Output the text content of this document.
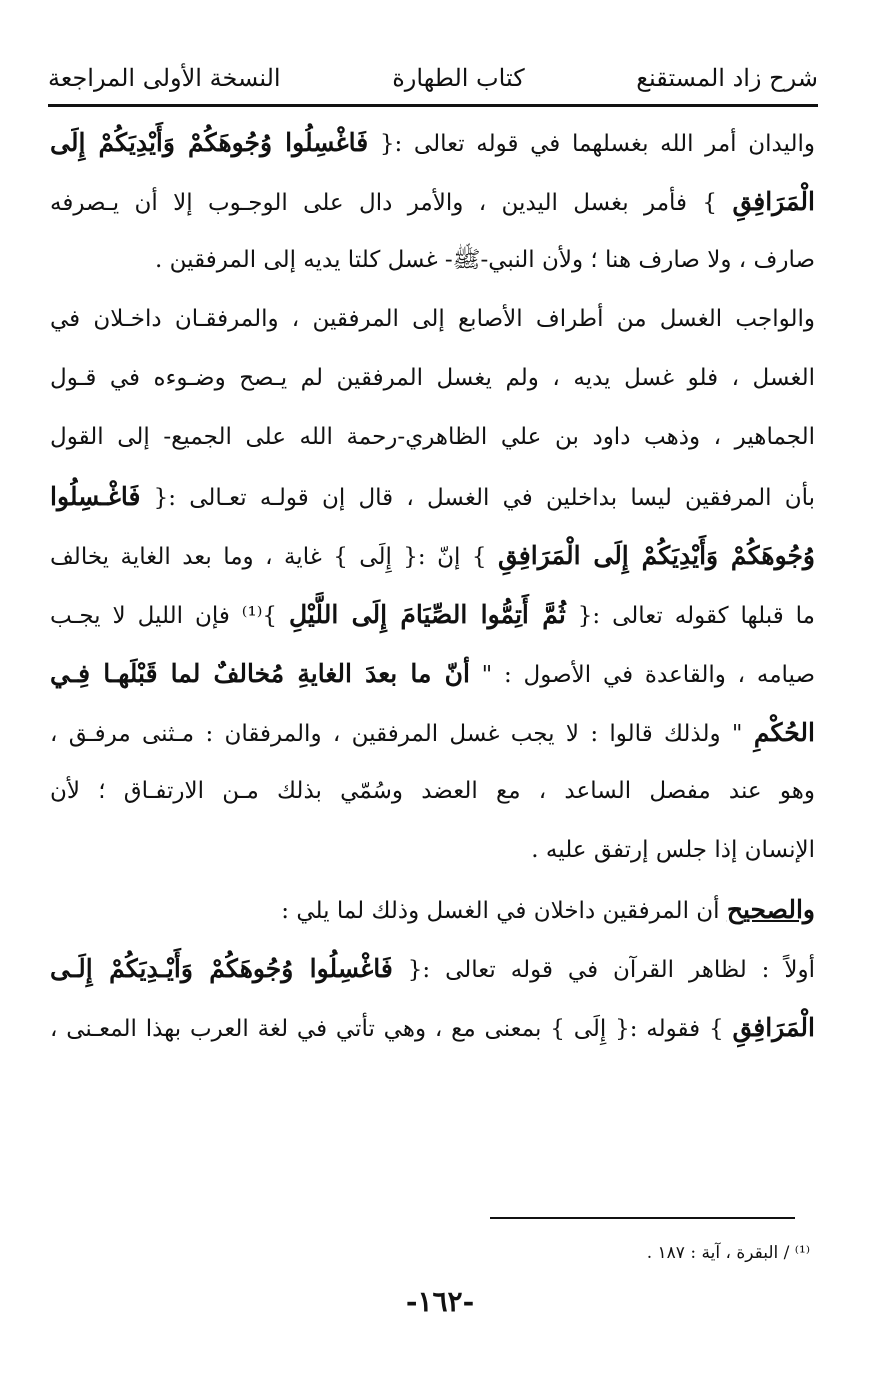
شرح زاد المستقنع
كتاب الطهارة
النسخة الأولى المراجعة
واليدان أمر الله بغسلهما في قوله تعالى :{ فَاغْسِلُوا وُجُوهَكُمْ وَأَيْدِيَكُمْ إِلَى
الْمَرَافِقِ } فأمر بغسل اليدين ، والأمر دال على الوجـوب إلا أن يـصرفه
صارف ، ولا صارف هنا ؛ ولأن النبي-ﷺ- غسل كلتا يديه إلى المرفقين .
والواجب الغسل من أطراف الأصابع إلى المرفقين ، والمرفقـان داخـلان في
الغسل ، فلو غسل يديه ، ولم يغسل المرفقين لم يـصح وضـوءه في قـول
الجماهير ، وذهب داود بن علي الظاهري-رحمة الله على الجميع- إلى القول
بأن المرفقين ليسا بداخلين في الغسل ، قال إن قولـه تعـالى :{ فَاغْـسِلُوا
وُجُوهَكُمْ وَأَيْدِيَكُمْ إِلَى الْمَرَافِقِ } إنّ :{ إِلَى } غاية ، وما بعد الغاية يخالف
ما قبلها كقوله تعالى :{ ثُمَّ أَتِمُّوا الصِّيَامَ إِلَى اللَّيْلِ }⁽¹⁾ فإن الليل لا يجـب
صيامه ، والقاعدة في الأصول : " أنّ ما بعدَ الغايةِ مُخالفٌ لما قَبْلَهـا فِـي
الحُكْمِ " ولذلك قالوا : لا يجب غسل المرفقين ، والمرفقان : مـثنى مرفـق ،
وهو عند مفصل الساعد ، مع العضد وسُمّي بذلك مـن الارتفـاق ؛ لأن
الإنسان إذا جلس إرتفق عليه .
والصحيح أن المرفقين داخلان في الغسل وذلك لما يلي :
أولاً : لظاهر القرآن في قوله تعالى :{ فَاغْسِلُوا وُجُوهَكُمْ وَأَيْـدِيَكُمْ إِلَـى
الْمَرَافِقِ } فقوله :{ إِلَى } بمعنى مع ، وهي تأتي في لغة العرب بهذا المعـنى ،
⁽¹⁾ / البقرة ، آية : ١٨٧ .
-١٦٢-
